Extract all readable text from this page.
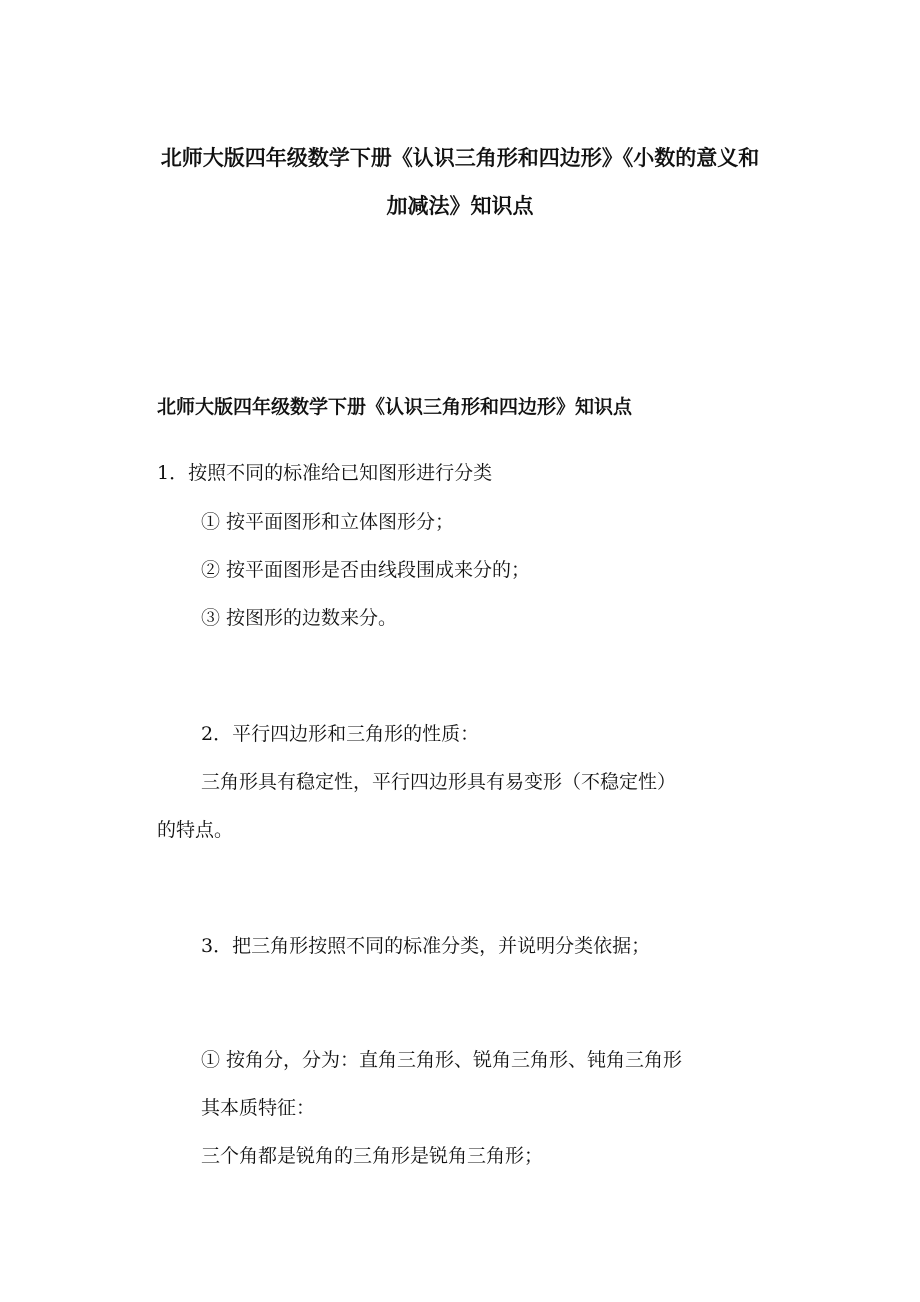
北师大版四年级数学下册《认识三角形和四边形》《小数的意义和
加减法》知识点
北师大版四年级数学下册《认识三角形和四边形》知识点

1．按照不同的标准给已知图形进行分类

① 按平面图形和立体图形分；

② 按平面图形是否由线段围成来分的；

③ 按图形的边数来分。

2．平行四边形和三角形的性质：

三角形具有稳定性，平行四边形具有易变形（不稳定性）

的特点。

3．把三角形按照不同的标准分类，并说明分类依据；

① 按角分，分为：直角三角形、锐角三角形、钝角三角形

其本质特征：

三个角都是锐角的三角形是锐角三角形；
